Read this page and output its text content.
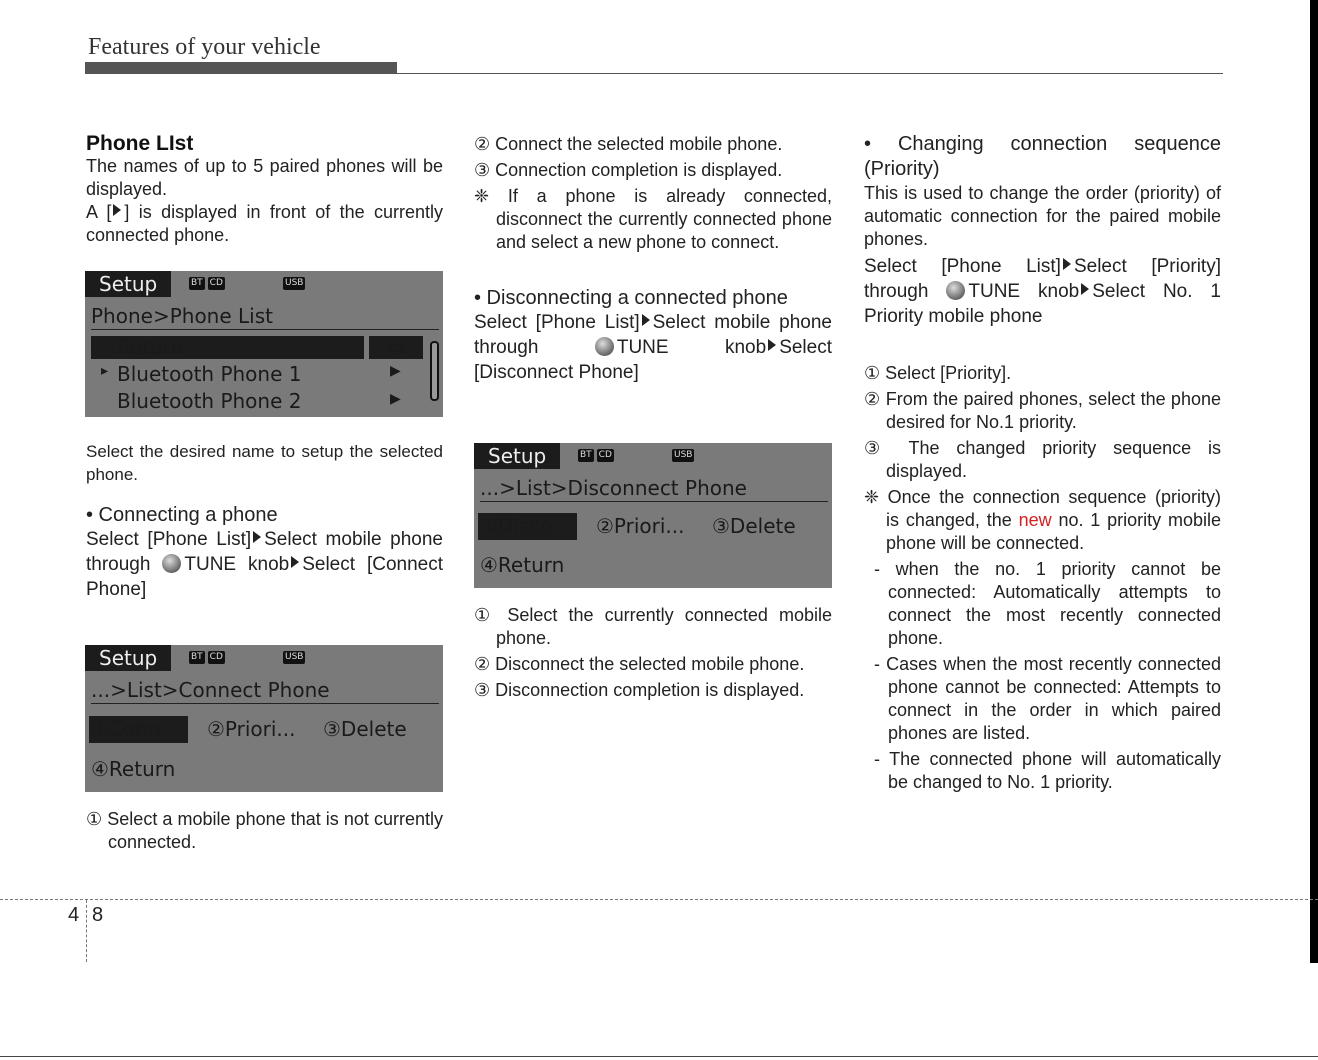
Features of your vehicle

Phone LIst

The names of up to 5 paired phones will be displayed.

A [ ] is displayed in front of the currently connected phone.

Setup	BT CD	USB
Phone>Phone List
Return	⇆
▸ Bluetooth Phone 1	▶
Bluetooth Phone 2	▶

Select the desired name to setup the selected phone.

• Connecting a phone

Select [Phone List] Select mobile phone through TUNE knob Select [Connect Phone]

Setup	BT CD	USB
...>List>Connect Phone
①Conn...	②Priori... ③Delete
④Return

① Select a mobile phone that is not currently connected.

② Connect the selected mobile phone.

③ Connection completion is displayed.

❈ If a phone is already connected, disconnect the currently connected phone and select a new phone to connect.

• Disconnecting a connected phone

Select [Phone List] Select mobile phone through	TUNE knob Select [Disconnect Phone]

Setup	BT CD	USB
...>List>Disconnect Phone
①Disco...	②Priori... ③Delete
④Return

① Select the currently connected mobile phone.

② Disconnect the selected mobile phone.

③ Disconnection completion is displayed.

• Changing connection sequence (Priority)

This is used to change the order (priority) of automatic connection for the paired mobile phones.

Select [Phone List] Select [Priority] through TUNE knob Select No. 1 Priority mobile phone

① Select [Priority].

② From the paired phones, select the phone desired for No.1 priority.

③ The changed priority sequence is displayed.

❈ Once the connection sequence (priority) is changed, the new no. 1 priority mobile phone will be connected.

- when the no. 1 priority cannot be connected: Automatically attempts to connect the most recently connected phone.

- Cases when the most recently connected phone cannot be connected: Attempts to connect in the order in which paired phones are listed.

- The connected phone will automatically be changed to No. 1 priority.

4 8
